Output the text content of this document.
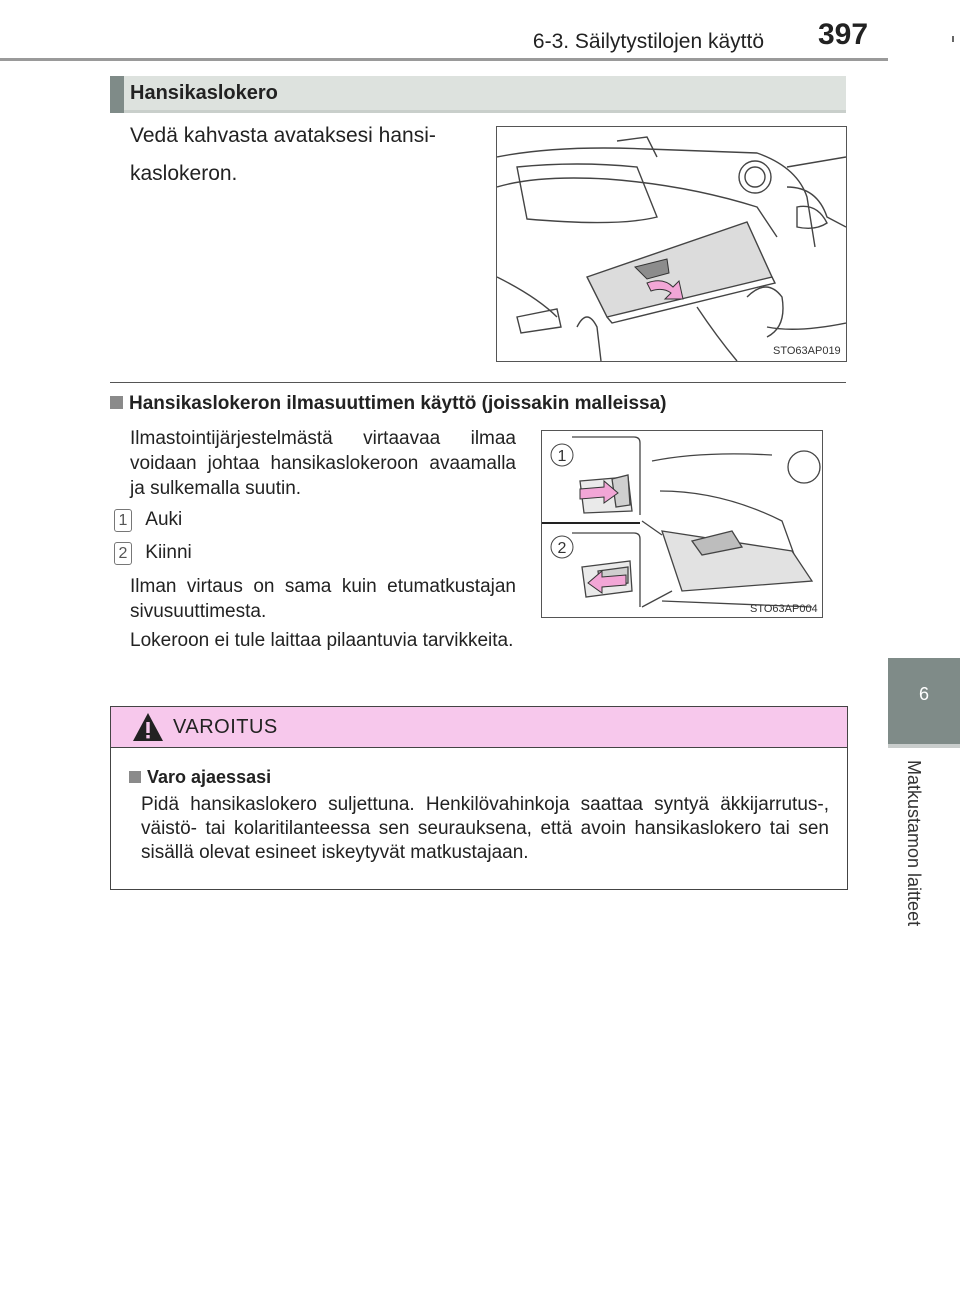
6-3. Säilytystilojen käyttö 397
6
Matkustamon laitteet
Hansikaslokero
Vedä kahvasta avataksesi hansi-
kaslokeron.
STO63AP019
Hansikaslokeron ilmasuuttimen käyttö (joissakin malleissa)
Ilmastointijärjestelmästä virtaavaa ilmaa voidaan johtaa hansikaslokeroon avaamalla ja sulkemalla suutin.
1 Auki
2 Kiinni
Ilman virtaus on sama kuin etumatkustajan sivusuuttimesta.
Lokeroon ei tule laittaa pilaantuvia tarvikkeita.
1
2
STO63AP004
VAROITUS
Varo ajaessasi
Pidä hansikaslokero suljettuna. Henkilövahinkoja saattaa syntyä äkkijarrutus-, väistö- tai kolaritilanteessa sen seurauksena, että avoin hansikaslokero tai sen sisällä olevat esineet iskeytyvät matkustajaan.
